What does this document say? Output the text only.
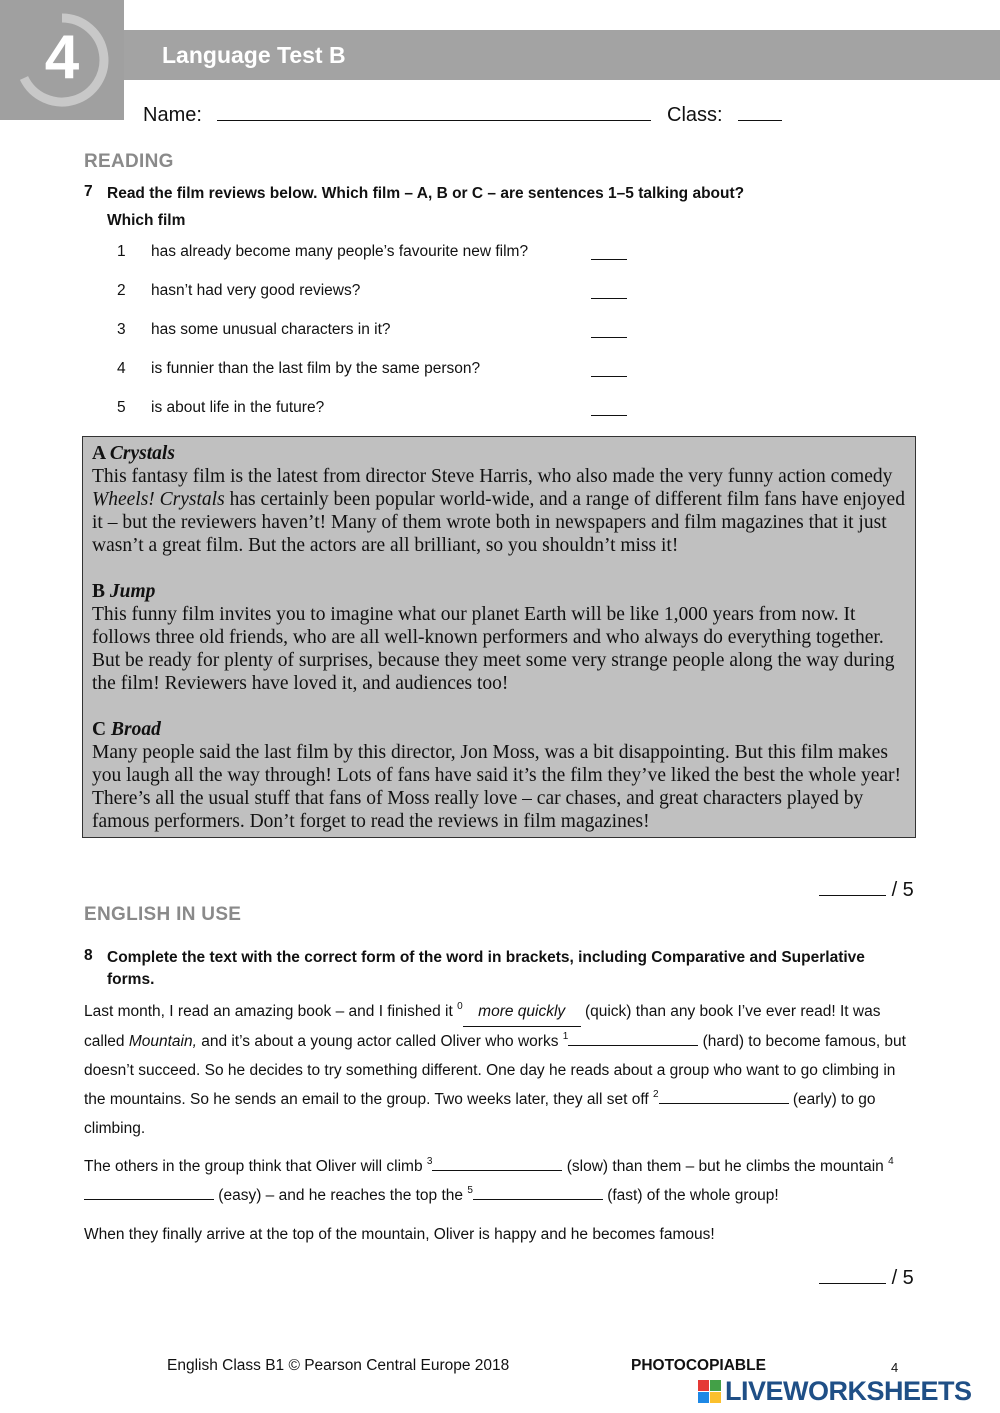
4	Language Test B
Name:	Class:
READING
7 Read the film reviews below. Which film – A, B or C – are sentences 1–5 talking about?
Which film
1 has already become many people’s favourite new film?
2 hasn’t had very good reviews?
3 has some unusual characters in it?
4 is funnier than the last film by the same person?
5 is about life in the future?
A Crystals
This fantasy film is the latest from director Steve Harris, who also made the very funny action comedy Wheels! Crystals has certainly been popular world-wide, and a range of different film fans have enjoyed it – but the reviewers haven’t! Many of them wrote both in newspapers and film magazines that it just wasn’t a great film. But the actors are all brilliant, so you shouldn’t miss it!
B Jump
This funny film invites you to imagine what our planet Earth will be like 1,000 years from now. It follows three old friends, who are all well-known performers and who always do everything together. But be ready for plenty of surprises, because they meet some very strange people along the way during the film! Reviewers have loved it, and audiences too!
C Broad
Many people said the last film by this director, Jon Moss, was a bit disappointing. But this film makes you laugh all the way through! Lots of fans have said it’s the film they’ve liked the best the whole year! There’s all the usual stuff that fans of Moss really love – car chases, and great characters played by famous performers. Don’t forget to read the reviews in film magazines!
/ 5
ENGLISH IN USE
8 Complete the text with the correct form of the word in brackets, including Comparative and Superlative forms.

Last month, I read an amazing book – and I finished it $^0$ more quickly (quick) than any book I’ve ever read! It was called Mountain, and it’s about a young actor called Oliver who works $^1$	(hard) to become famous, but doesn’t succeed. So he decides to try something different. One day he reads about a group who want to go climbing in the mountains. So he sends an email to the group. Two weeks later, they all set off $^2$	(early) to go climbing.

The others in the group think that Oliver will climb $^3$	(slow) than them – but he climbs the mountain $^4$ (easy) – and he reaches the top the $^5$	(fast) of the whole group!

When they finally arrive at the top of the mountain, Oliver is happy and he becomes famous!

/ 5
English Class B1 © Pearson Central Europe 2018	PHOTOCOPIABLE	4
LIVEWORKSHEETS
